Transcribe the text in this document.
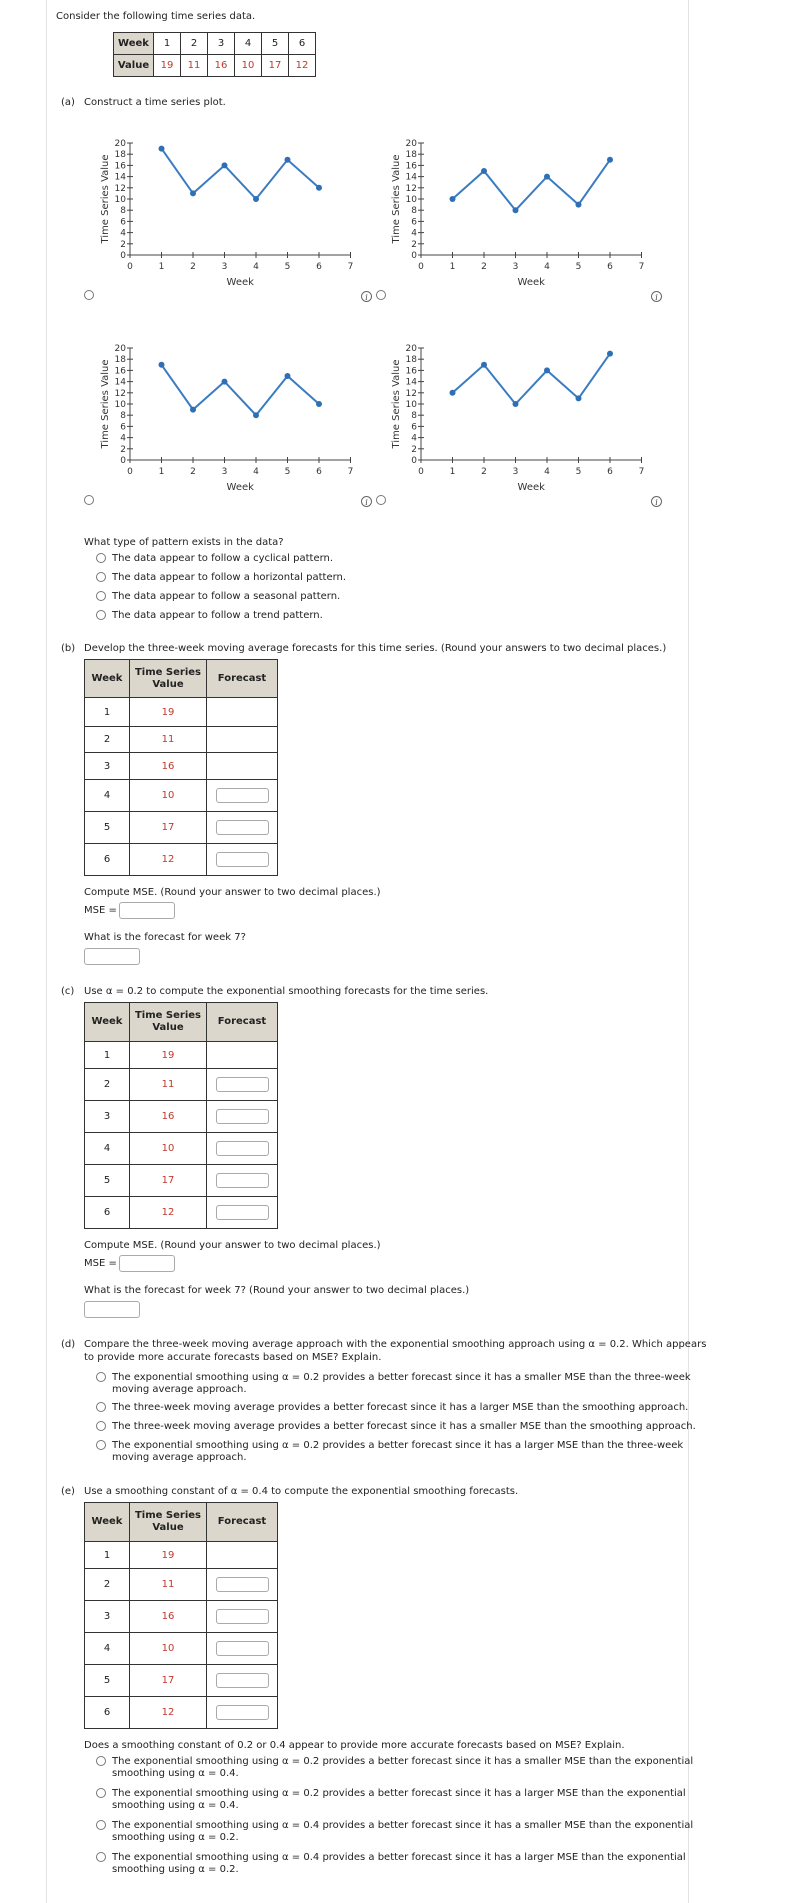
Consider the following time series data.
Week	1	2	3	4	5	6
Value	19	11	16	10	17	12
(a) Construct a time series plot.
20
18
16
14
12
10
8
6
4
2
0
0	1	2	3	4	5	6	7
Week
Time Series Value
20
18
16
14
12
10
8
6
4
2
0
0	1	2	3	4	5	6	7
Week
Time Series Value
20
18
16
14
12
10
8
6
4
2
0
0	1	2	3	4	5	6	7
Week
Time Series Value
20
18
16
14
12
10
8
6
4
2
0
0	1	2	3	4	5	6	7
Week
Time Series Value
i	i
i	i
What type of pattern exists in the data?
The data appear to follow a cyclical pattern.
The data appear to follow a horizontal pattern.
The data appear to follow a seasonal pattern.
The data appear to follow a trend pattern.
(b) Develop the three-week moving average forecasts for this time series. (Round your answers to two decimal places.)
Week	Time Series
Value	Forecast
1	19	
2	11	
3	16	
4	10	
5	17	
6	12	
Compute MSE. (Round your answer to two decimal places.)
MSE =
What is the forecast for week 7?
(c) Use α = 0.2 to compute the exponential smoothing forecasts for the time series.
Week	Time Series
Value	Forecast
1	19	
2	11	
3	16	
4	10	
5	17	
6	12	
Compute MSE. (Round your answer to two decimal places.)
MSE =
What is the forecast for week 7? (Round your answer to two decimal places.)
(d) Compare the three-week moving average approach with the exponential smoothing approach using α = 0.2. Which appears
to provide more accurate forecasts based on MSE? Explain.
The exponential smoothing using α = 0.2 provides a better forecast since it has a smaller MSE than the three-week
moving average approach.
The three-week moving average provides a better forecast since it has a larger MSE than the smoothing approach.
The three-week moving average provides a better forecast since it has a smaller MSE than the smoothing approach.
The exponential smoothing using α = 0.2 provides a better forecast since it has a larger MSE than the three-week
moving average approach.
(e) Use a smoothing constant of α = 0.4 to compute the exponential smoothing forecasts.
Week	Time Series
Value	Forecast
1	19	
2	11	
3	16	
4	10	
5	17	
6	12	
Does a smoothing constant of 0.2 or 0.4 appear to provide more accurate forecasts based on MSE? Explain.
The exponential smoothing using α = 0.2 provides a better forecast since it has a smaller MSE than the exponential
smoothing using α = 0.4.
The exponential smoothing using α = 0.2 provides a better forecast since it has a larger MSE than the exponential
smoothing using α = 0.4.
The exponential smoothing using α = 0.4 provides a better forecast since it has a smaller MSE than the exponential
smoothing using α = 0.2.
The exponential smoothing using α = 0.4 provides a better forecast since it has a larger MSE than the exponential
smoothing using α = 0.2.
